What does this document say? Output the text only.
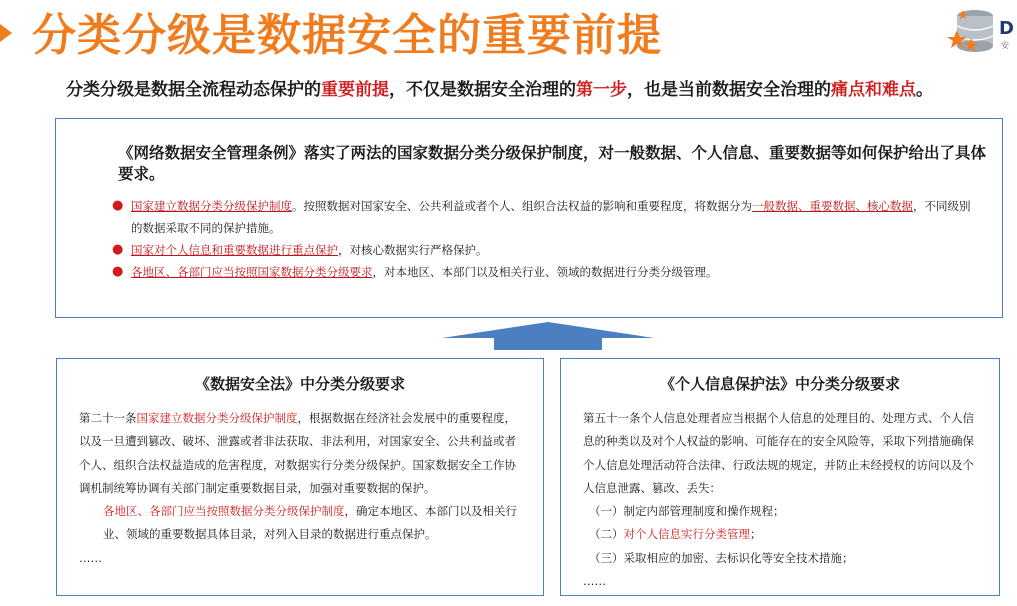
分类分级是数据安全的重要前提	D
安
分类分级是数据全流程动态保护的重要前提，不仅是数据安全治理的第一步，也是当前数据安全治理的痛点和难点。
《网络数据安全管理条例》落实了两法的国家数据分类分级保护制度，对一般数据、个人信息、重要数据等如何保护给出了具体要求。
● 国家建立数据分类分级保护制度。按照数据对国家安全、公共利益或者个人、组织合法权益的影响和重要程度，将数据分为一般数据、重要数据、核心数据，不同级别的数据采取不同的保护措施。
● 国家对个人信息和重要数据进行重点保护，对核心数据实行严格保护。
● 各地区、各部门应当按照国家数据分类分级要求，对本地区、本部门以及相关行业、领域的数据进行分类分级管理。
《数据安全法》中分类分级要求
第二十一条国家建立数据分类分级保护制度，根据数据在经济社会发展中的重要程度，以及一旦遭到篡改、破坏、泄露或者非法获取、非法利用，对国家安全、公共利益或者个人、组织合法权益造成的危害程度，对数据实行分类分级保护。国家数据安全工作协调机制统筹协调有关部门制定重要数据目录，加强对重要数据的保护。
各地区、各部门应当按照数据分类分级保护制度，确定本地区、本部门以及相关行业、领域的重要数据具体目录，对列入目录的数据进行重点保护。
……
《个人信息保护法》中分类分级要求
第五十一条个人信息处理者应当根据个人信息的处理目的、处理方式、个人信息的种类以及对个人权益的影响、可能存在的安全风险等，采取下列措施确保个人信息处理活动符合法律、行政法规的规定，并防止未经授权的访问以及个人信息泄露、篡改、丢失：
（一）制定内部管理制度和操作规程；
（二）对个人信息实行分类管理；
（三）采取相应的加密、去标识化等安全技术措施；
……
